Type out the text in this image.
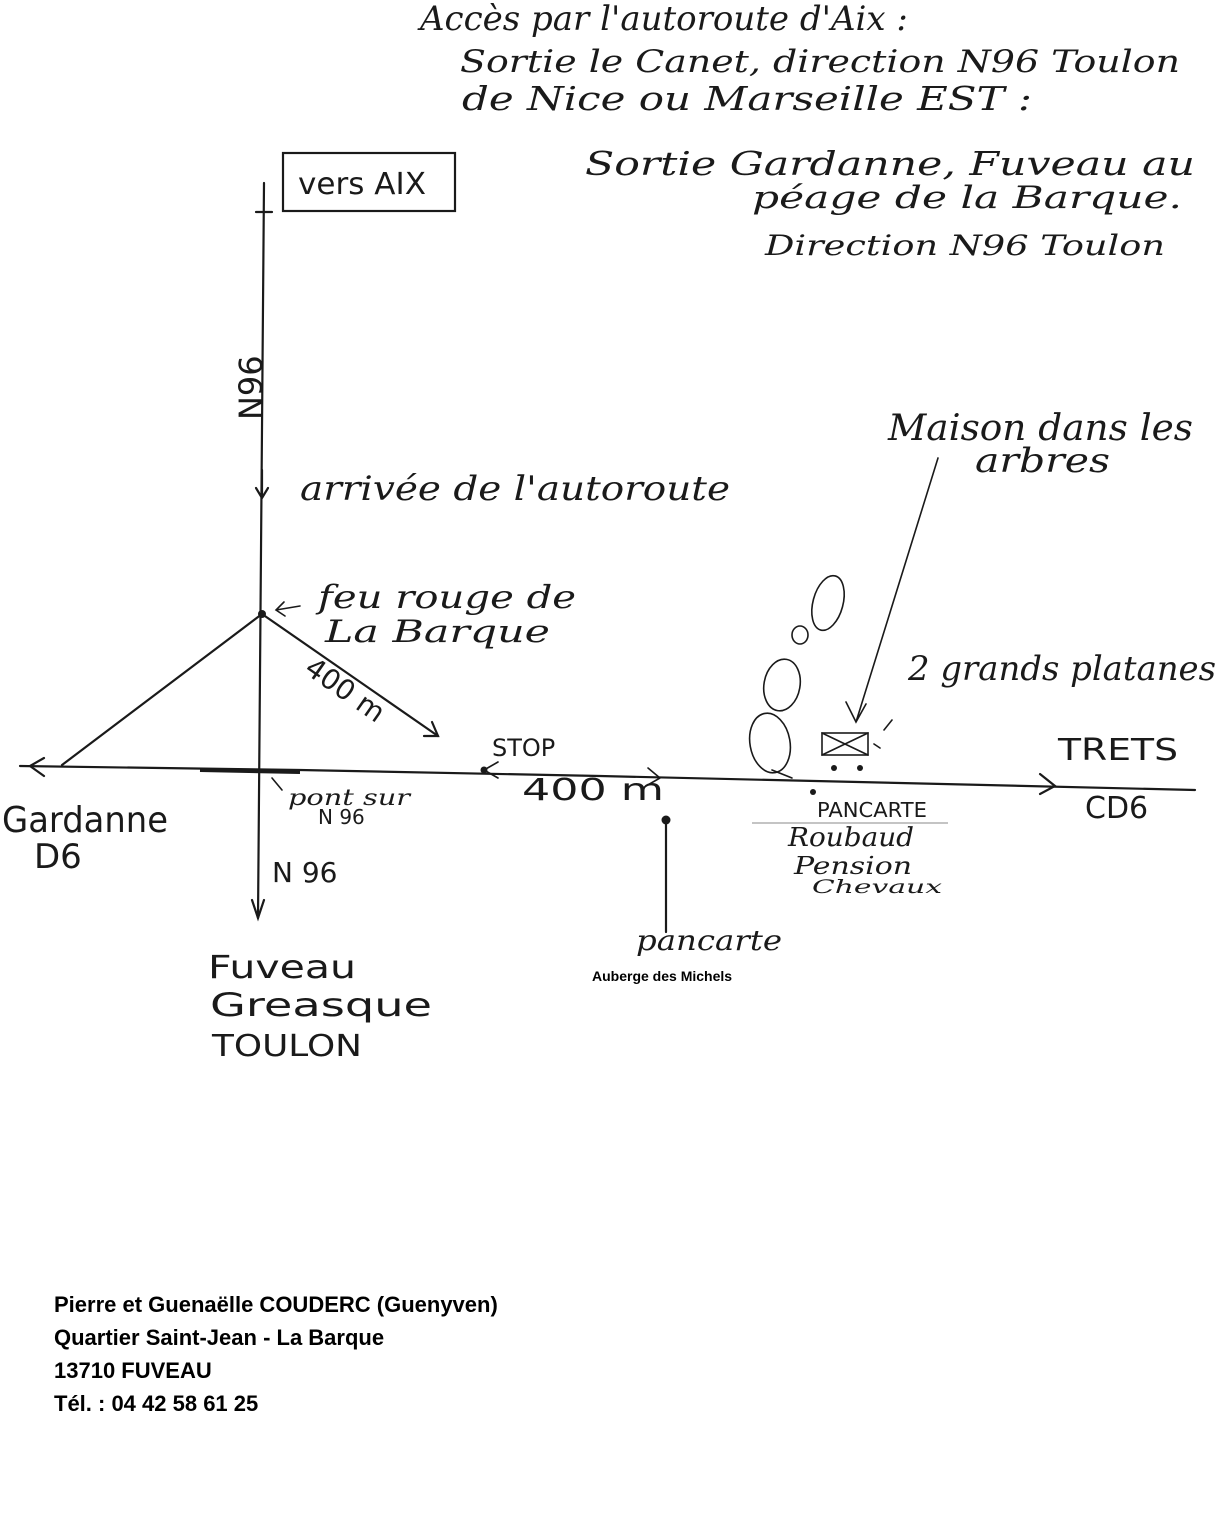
Accès par l'autoroute d'Aix :
Sortie le Canet, direction N96 Toulon
de Nice ou Marseille EST :
Sortie Gardanne, Fuveau au
péage de la Barque.
Direction N96 Toulon
vers AIX
N96
arrivée de l'autoroute
feu rouge de
La Barque
400 m
Gardanne
D6
pont sur
N 96
N 96
STOP
400 m
pancarte
Auberge des Michels
Maison dans les
arbres
2 grands platanes
TRETS
CD6
PANCARTE
Roubaud
Pension
Chevaux
Fuveau
Greasque
TOULON
Pierre et Guenaëlle COUDERC (Guenyven)
Quartier Saint-Jean - La Barque
13710 FUVEAU
Tél. : 04 42 58 61 25
